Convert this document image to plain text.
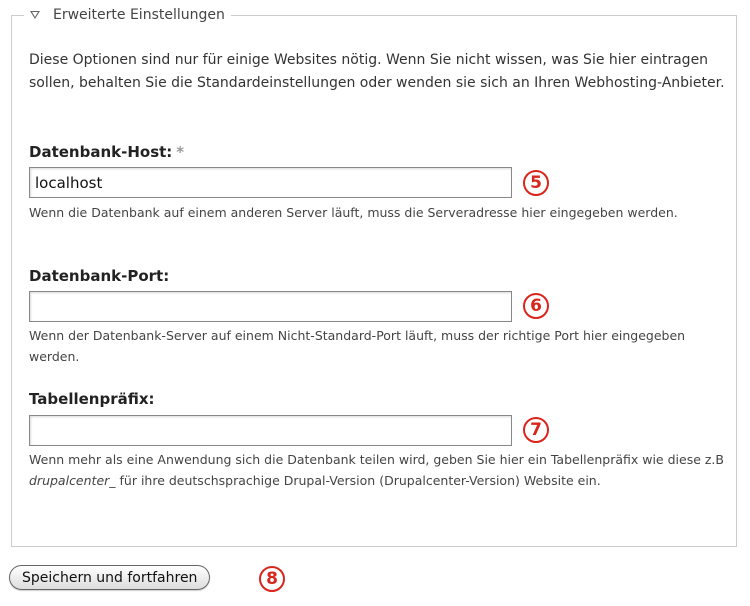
Erweiterte Einstellungen
Diese Optionen sind nur für einige Websites nötig. Wenn Sie nicht wissen, was Sie hier eintragen sollen, behalten Sie die Standardeinstellungen oder wenden sie sich an Ihren Webhosting-Anbieter.
Datenbank-Host: *
localhost
5
Wenn die Datenbank auf einem anderen Server läuft, muss die Serveradresse hier eingegeben werden.
Datenbank-Port:
6
Wenn der Datenbank-Server auf einem Nicht-Standard-Port läuft, muss der richtige Port hier eingegeben werden.
Tabellenpräfix:
7
Wenn mehr als eine Anwendung sich die Datenbank teilen wird, geben Sie hier ein Tabellenpräfix wie diese z.B drupalcenter_ für ihre deutschsprachige Drupal-Version (Drupalcenter-Version) Website ein.
Speichern und fortfahren	8
